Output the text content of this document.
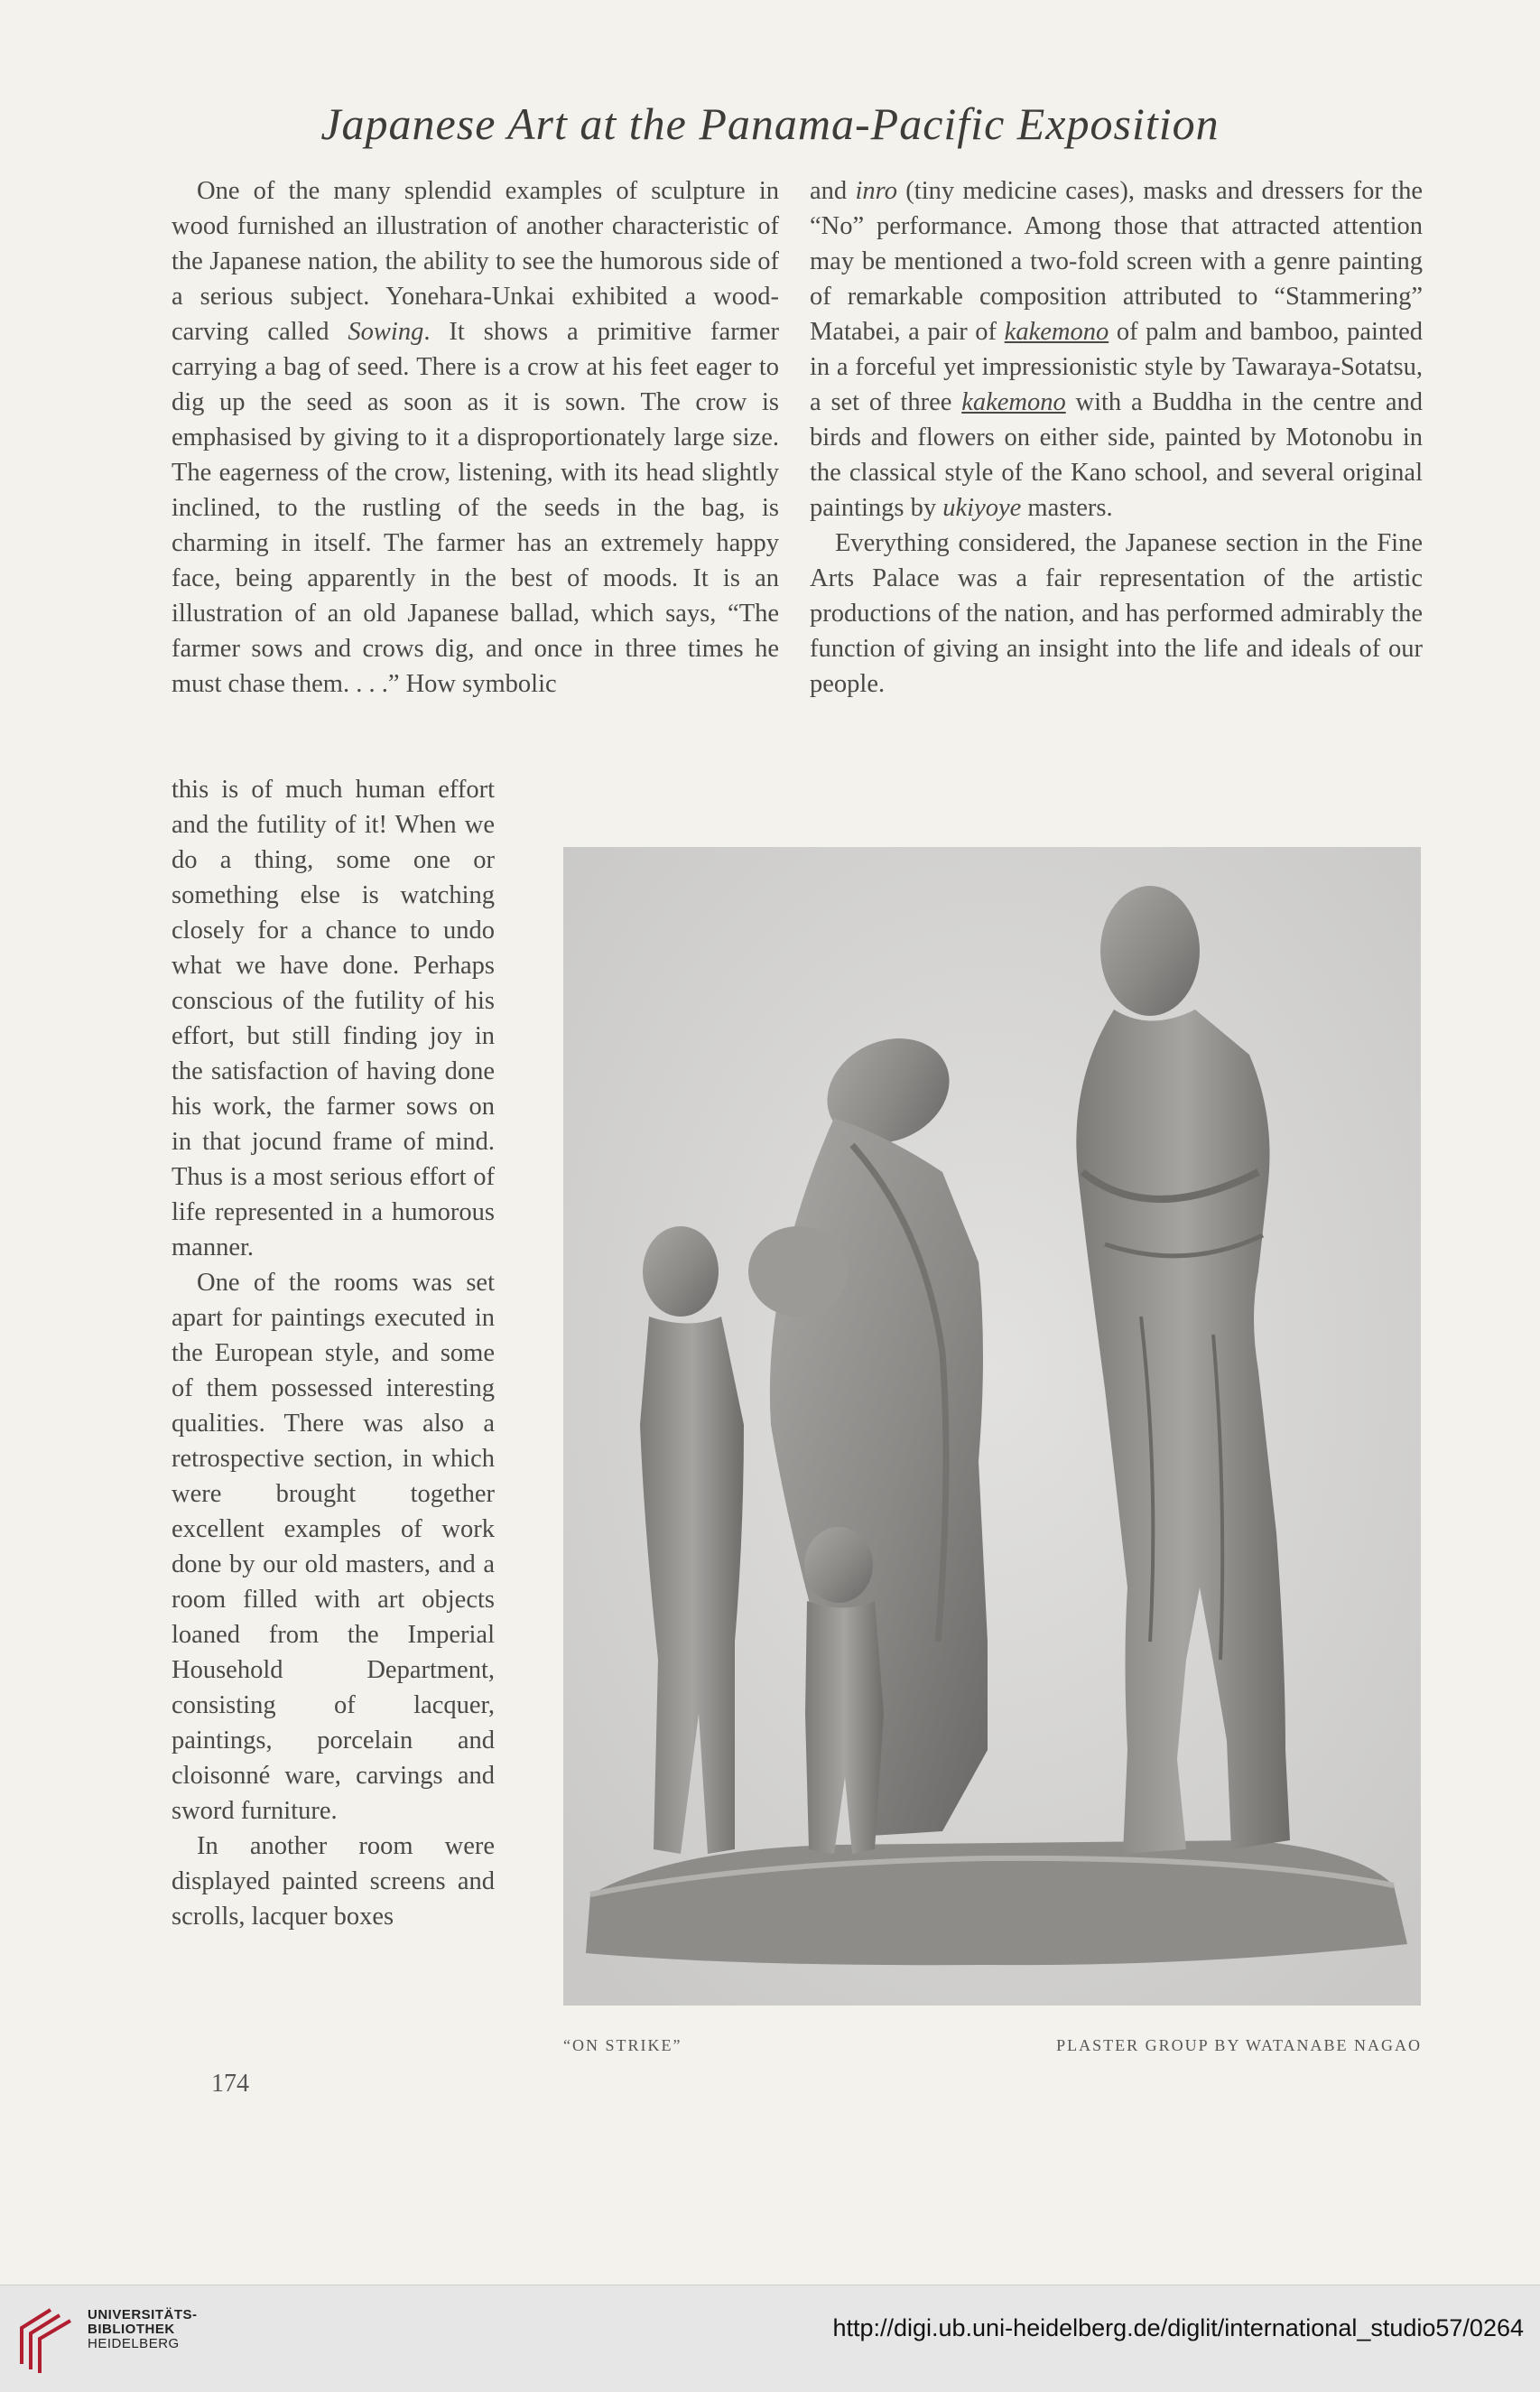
Japanese Art at the Panama-Pacific Exposition

One of the many splendid examples of sculpture in wood furnished an illustration of another characteristic of the Japanese nation, the ability to see the humorous side of a serious subject. Yonehara-Unkai exhibited a wood-carving called Sowing. It shows a primitive farmer carrying a bag of seed. There is a crow at his feet eager to dig up the seed as soon as it is sown. The crow is emphasised by giving to it a disproportionately large size. The eagerness of the crow, listening, with its head slightly inclined, to the rustling of the seeds in the bag, is charming in itself. The farmer has an extremely happy face, being apparently in the best of moods. It is an illustration of an old Japanese ballad, which says, “The farmer sows and crows dig, and once in three times he must chase them. . . .” How symbolic

this is of much human effort and the futility of it! When we do a thing, some one or something else is watching closely for a chance to undo what we have done. Perhaps conscious of the futility of his effort, but still finding joy in the satisfaction of having done his work, the farmer sows on in that jocund frame of mind. Thus is a most serious effort of life represented in a humorous manner.

One of the rooms was set apart for paintings executed in the European style, and some of them possessed interesting qualities. There was also a retrospective section, in which were brought together excellent examples of work done by our old masters, and a room filled with art objects loaned from the Imperial Household Department, consisting of lacquer, paintings, porcelain and cloisonné ware, carvings and sword furniture.

In another room were displayed painted screens and scrolls, lacquer boxes

and inro (tiny medicine cases), masks and dressers for the “No” performance. Among those that attracted attention may be mentioned a two-fold screen with a genre painting of remarkable composition attributed to “Stammering” Matabei, a pair of kakemono of palm and bamboo, painted in a forceful yet impressionistic style by Tawaraya-Sotatsu, a set of three kakemono with a Buddha in the centre and birds and flowers on either side, painted by Motonobu in the classical style of the Kano school, and several original paintings by ukiyoye masters.

Everything considered, the Japanese section in the Fine Arts Palace was a fair representation of the artistic productions of the nation, and has performed admirably the function of giving an insight into the life and ideals of our people.

“ON STRIKE”	PLASTER GROUP BY WATANABE NAGAO
174
UNIVERSITÄTS-
BIBLIOTHEK
HEIDELBERG
http://digi.ub.uni-heidelberg.de/diglit/international_studio57/0264
